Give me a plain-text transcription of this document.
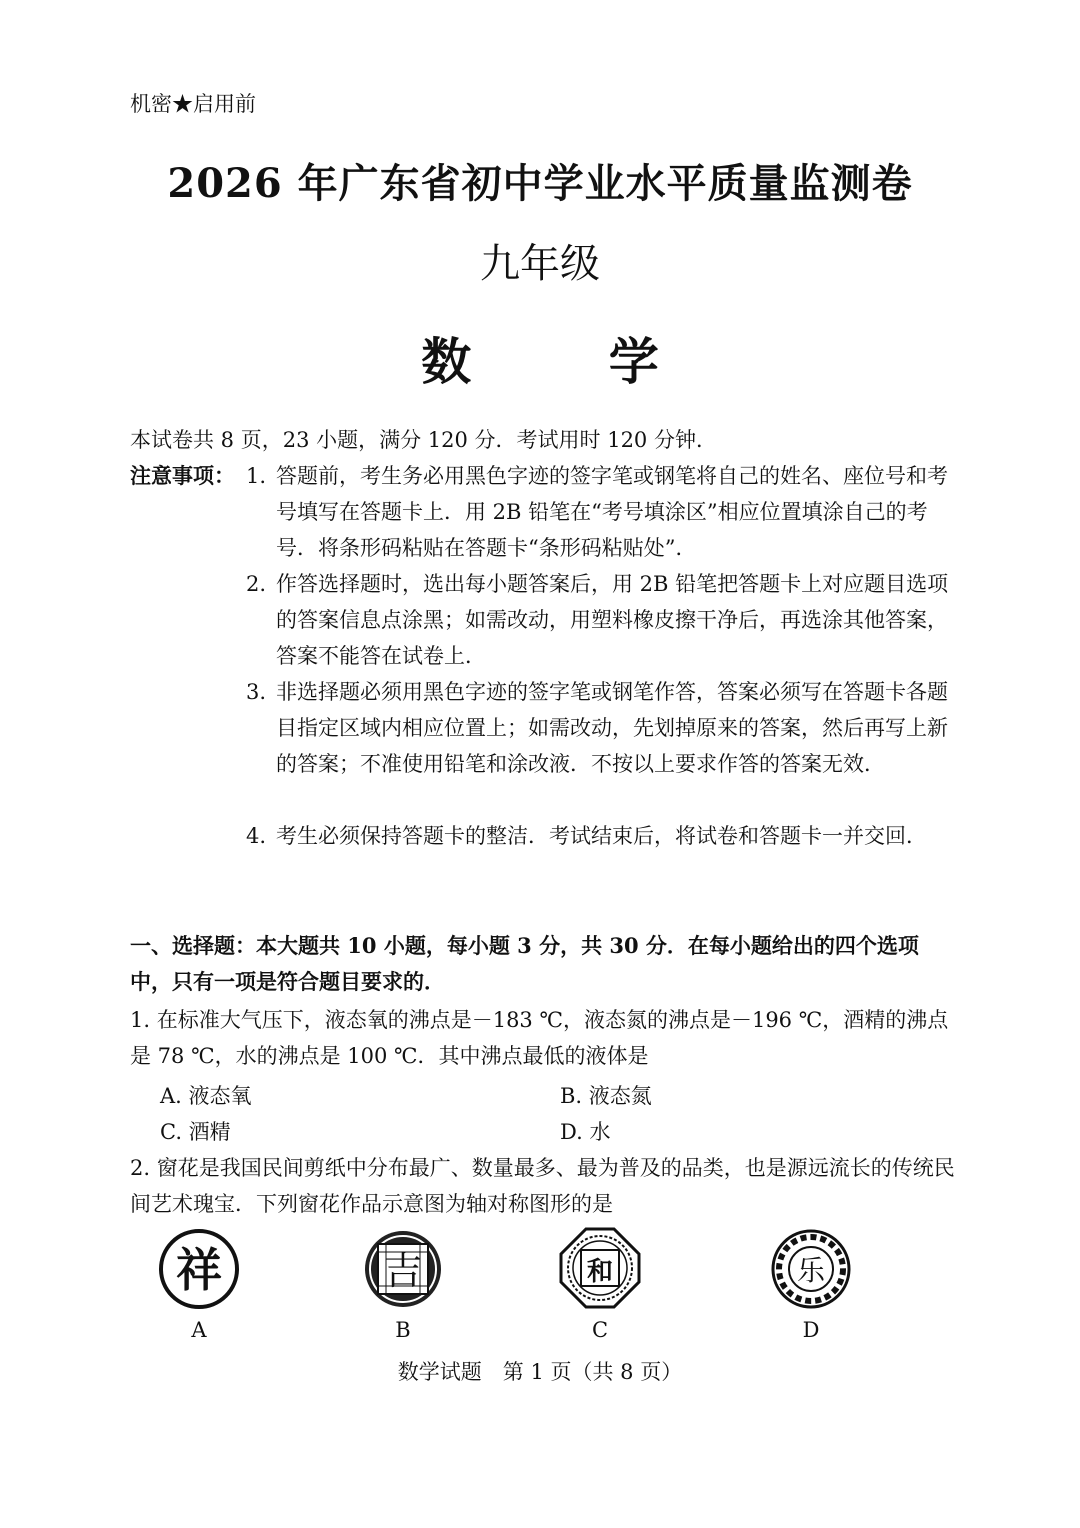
机密★启用前
2026 年广东省初中学业水平质量监测卷
九年级
数 学
本试卷共 8 页，23 小题，满分 120 分．考试用时 120 分钟．
注意事项： 1. 答题前，考生务必用黑色字迹的签字笔或钢笔将自己的姓名、座位号和考号填写在答题卡上．用 2B 铅笔在“考号填涂区”相应位置填涂自己的考号．将条形码粘贴在答题卡“条形码粘贴处”．
2. 作答选择题时，选出每小题答案后，用 2B 铅笔把答题卡上对应题目选项的答案信息点涂黑；如需改动，用塑料橡皮擦干净后，再选涂其他答案，答案不能答在试卷上．
3. 非选择题必须用黑色字迹的签字笔或钢笔作答，答案必须写在答题卡各题目指定区域内相应位置上；如需改动，先划掉原来的答案，然后再写上新的答案；不准使用铅笔和涂改液．不按以上要求作答的答案无效．
4. 考生必须保持答题卡的整洁．考试结束后，将试卷和答题卡一并交回．
一、选择题：本大题共 10 小题，每小题 3 分，共 30 分．在每小题给出的四个选项中，只有一项是符合题目要求的．
1. 在标准大气压下，液态氧的沸点是－183 ℃，液态氮的沸点是－196 ℃，酒精的沸点是 78 ℃，水的沸点是 100 ℃．其中沸点最低的液体是
A. 液态氧	B. 液态氮
C. 酒精	D. 水
2. 窗花是我国民间剪纸中分布最广、数量最多、最为普及的品类，也是源远流长的传统民间艺术瑰宝．下列窗花作品示意图为轴对称图形的是
祥	吉	和	乐
A	B	C	D
数学试题　第 1 页（共 8 页）
